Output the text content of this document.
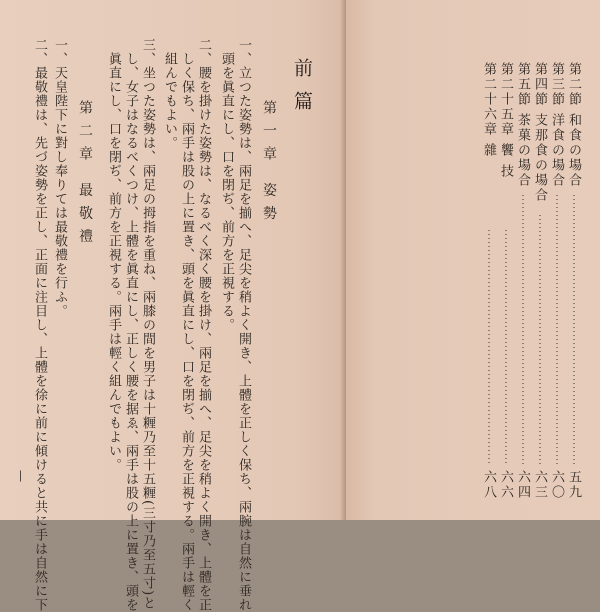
前篇
第一章 姿勢
一、立つた姿勢は、兩足を揃へ、足尖を稍よく開き、上體を正しく保ち、兩腕は自然に垂れ
頭を眞直にし、口を閉ぢ、前方を正視する。
二、腰を掛けた姿勢は、なるべく深く腰を掛け、兩足を揃へ、足尖を稍よく開き、上體を正
しく保ち、兩手は股の上に置き、頭を眞直にし、口を閉ぢ、前方を正視する。兩手は輕く
組んでもよい。
三、坐つた姿勢は、兩足の拇指を重ね、兩膝の間を男子は十糎乃至十五糎(三寸乃至五寸)と
し、女子はなるべくつけ、上體を眞直にし、正しく腰を据ゑ、兩手は股の上に置き、頭を
眞直にし、口を閉ぢ、前方を正視する。兩手は輕く組んでもよい。
第二章 最敬禮
一、天皇陛下に對し奉りては最敬禮を行ふ。
二、最敬禮は、先づ姿勢を正し、正面に注目し、上體を徐に前に傾けると共に手は自然に下
—
第二節 和食の場合
五九
第三節 洋食の場合
六〇
第四節 支那食の場合
六三
第五節 茶菓の場合
六四
第二十五章 饗 技
六六
第二十六章 雜
六八
